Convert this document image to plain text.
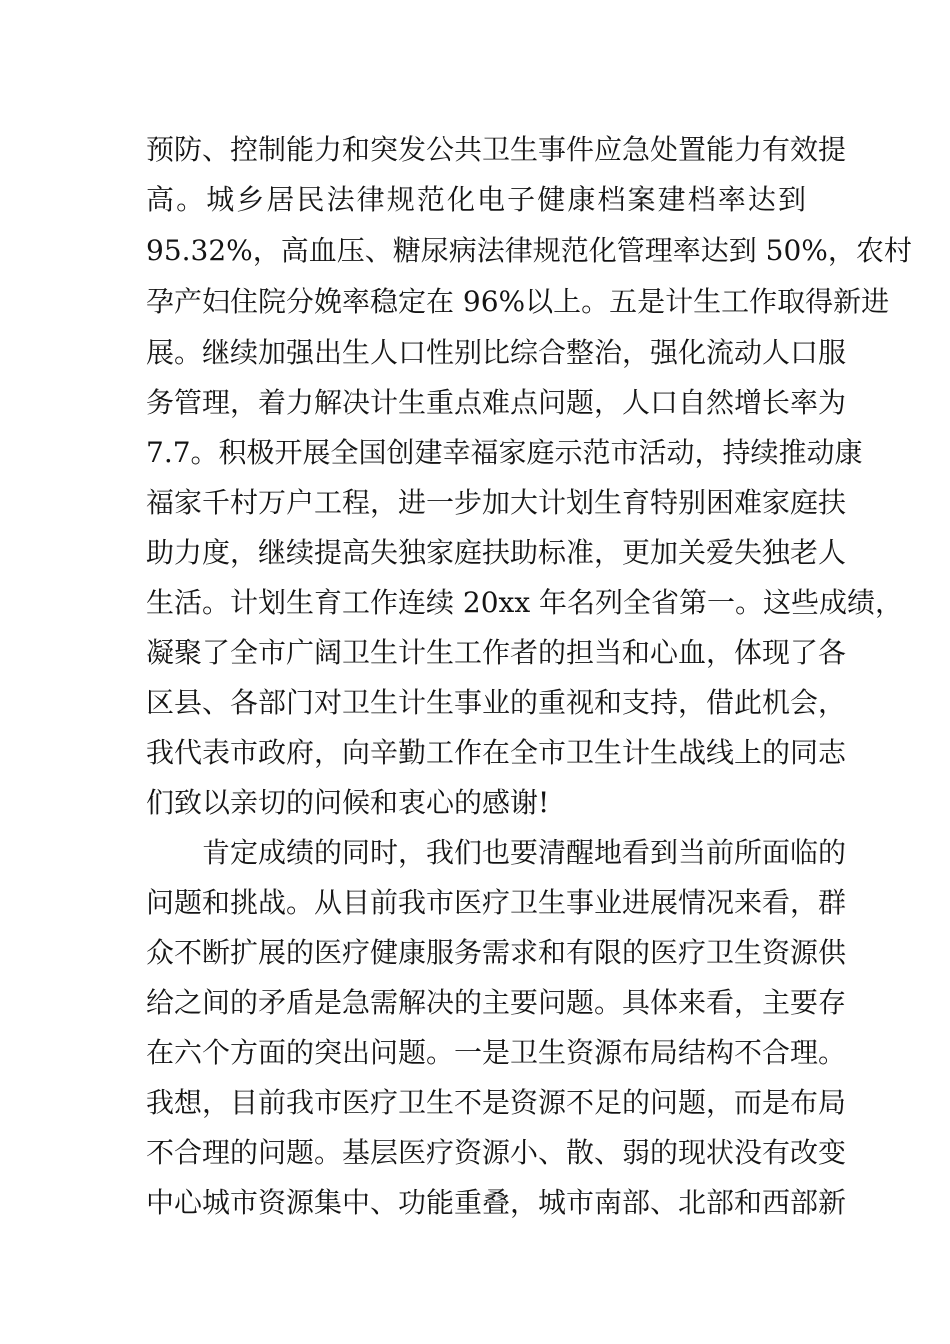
预防、控制能力和突发公共卫生事件应急处置能力有效提
高。城乡居民法律规范化电子健康档案建档率达到
95.32%，高血压、糖尿病法律规范化管理率达到 50%，农村
孕产妇住院分娩率稳定在 96%以上。五是计生工作取得新进
展。继续加强出生人口性别比综合整治，强化流动人口服
务管理，着力解决计生重点难点问题，人口自然增长率为
7.7。积极开展全国创建幸福家庭示范市活动，持续推动康
福家千村万户工程，进一步加大计划生育特别困难家庭扶
助力度，继续提高失独家庭扶助标准，更加关爱失独老人
生活。计划生育工作连续 20xx 年名列全省第一。这些成绩，
凝聚了全市广阔卫生计生工作者的担当和心血，体现了各
区县、各部门对卫生计生事业的重视和支持，借此机会，
我代表市政府，向辛勤工作在全市卫生计生战线上的同志
们致以亲切的问候和衷心的感谢!
肯定成绩的同时，我们也要清醒地看到当前所面临的
问题和挑战。从目前我市医疗卫生事业进展情况来看，群
众不断扩展的医疗健康服务需求和有限的医疗卫生资源供
给之间的矛盾是急需解决的主要问题。具体来看，主要存
在六个方面的突出问题。一是卫生资源布局结构不合理。
我想，目前我市医疗卫生不是资源不足的问题，而是布局
不合理的问题。基层医疗资源小、散、弱的现状没有改变
中心城市资源集中、功能重叠，城市南部、北部和西部新
